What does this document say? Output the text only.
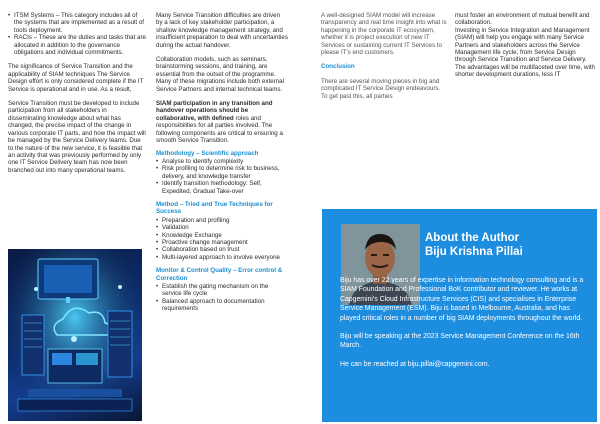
• ITSM Systems – This category includes all of the systems that are implemented as a result of tools deployment.
• RACIs – These are the duties and tasks that are allocated in addition to the governance obligations and individual commitments.

The significance of Service Transition and the applicability of SIAM techniques The Service Design effort is only considered complete if the IT Service is operational and in use. As a result,

Service Transition must be developed to include participation from all stakeholders in disseminating knowledge about what has changed, the precise impact of the change in various corporate IT parts, and how the impact will be managed by the Service Delivery teams. Due to the nature of the new service, it is feasible that an activity that was previously performed by only one IT Service Delivery team has now been branched out into many operational teams.

Many Service Transition difficulties are driven by a lack of key stakeholder participation, a shallow knowledge management strategy, and insufficient preparation to deal with uncertainties during the actual handover.

Collaboration models, such as seminars, brainstorming sessions, and training, are essential from the outset of the programme. Many of these migrations include both external Service Partners and internal technical teams.

SIAM participation in any transition and handover operations should be collaborative, with defined roles and responsibilities for all parties involved. The following components are critical to ensuring a smooth Service Transition.

Methodology – Scientific approach
• Analyse to identify complexity
• Risk profiling to determine risk to business, delivery, and knowledge transfer
• Identify transition methodology: Self, Expedited, Gradual Take-over
Method – Tried and True Techniques for Success
• Preparation and profiling
• Validation
• Knowledge Exchange
• Proactive change management
• Collaboration based on trust
• Multi-layered approach to involve everyone
Monitor & Control Quality – Error control & Correction
• Establish the gating mechanism on the service life cycle
• Balanced approach to documentation requirements

A well-designed SIAM model will increase transparency and real time insight into what is happening in the corporate IT ecosystem, whether it is project execution of new IT Services or sustaining current IT Services to please IT's end customers.

Conclusion

There are several moving pieces in big and complicated IT Service Design endeavours. To get past this, all parties

must foster an environment of mutual benefit and collaboration.
Investing in Service Integration and Management (SIAM) will help you engage with many Service Partners and stakeholders across the Service Management life cycle, from Service Design through Service Transition and Service Delivery. The advantages will be multifaceted over time, with shorter development durations, less IT
About the Author
Biju Krishna Pillai

Biju has over 22 years of expertise in information technology consulting and is a SIAM Foundation and Professional BoK contributor and reviewer. He works at Capgemini's Cloud Infrastructure Services (CIS) and specialises in Enterprise Service Management (ESM). Biju is based in Melbourne, Australia, and has played critical roles in a number of big SIAM deployments throughout the world.

Biju will be speaking at the 2023 Service Management Conference on the 16th March.

He can be reached at biju.pillai@capgemini.com.
